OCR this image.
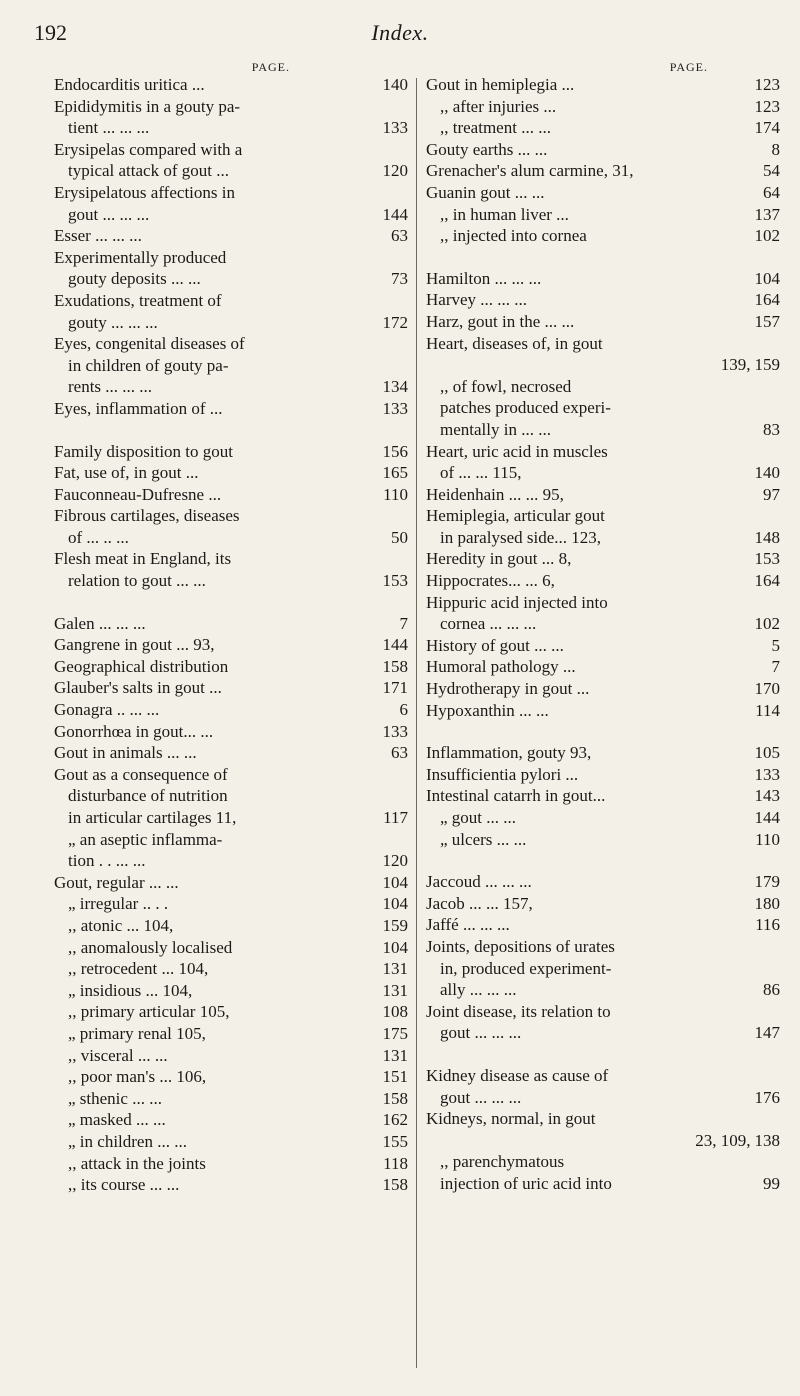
192	Index.
PAGE.
Endocarditis uritica ...	140
Epididymitis in a gouty pa-
tient ... ... ...	133
Erysipelas compared with a
typical attack of gout ...	120
Erysipelatous affections in
gout ... ... ...	144
Esser ... ... ...	63
Experimentally produced
gouty deposits ... ...	73
Exudations, treatment of
gouty ... ... ...	172
Eyes, congenital diseases of
in children of gouty pa-
rents ... ... ...	134
Eyes, inflammation of ...	133
Family disposition to gout	156
Fat, use of, in gout ...	165
Fauconneau-Dufresne ...	110
Fibrous cartilages, diseases
of ... .. ...	50
Flesh meat in England, its
relation to gout ... ...	153
Galen ... ... ...	7
Gangrene in gout ... 93,	144
Geographical distribution	158
Glauber's salts in gout ...	171
Gonagra .. ... ...	6
Gonorrhœa in gout... ...	133
Gout in animals ... ...	63
Gout as a consequence of
disturbance of nutrition
in articular cartilages 11,	117
„ an aseptic inflamma-
tion . . ... ...	120
Gout, regular ... ...	104
„ irregular .. . .	104
,, atonic ... 104,	159
,, anomalously localised	104
,, retrocedent ... 104,	131
„ insidious ... 104,	131
,, primary articular 105,	108
„ primary renal 105,	175
,, visceral ... ...	131
,, poor man's ... 106,	151
„ sthenic ... ...	158
„ masked ... ...	162
„ in children ... ...	155
,, attack in the joints	118
,, its course ... ...	158
PAGE.
Gout in hemiplegia ...	123
,, after injuries ...	123
,, treatment ... ...	174
Gouty earths ... ...	8
Grenacher's alum carmine, 31,	54
Guanin gout ... ...	64
,, in human liver ...	137
,, injected into cornea	102
Hamilton ... ... ...	104
Harvey ... ... ...	164
Harz, gout in the ... ...	157
Heart, diseases of, in gout
139, 159
,, of fowl, necrosed
patches produced experi-
mentally in ... ...	83
Heart, uric acid in muscles
of ... ... 115,	140
Heidenhain ... ... 95,	97
Hemiplegia, articular gout
in paralysed side... 123,	148
Heredity in gout ... 8,	153
Hippocrates... ... 6,	164
Hippuric acid injected into
cornea ... ... ...	102
History of gout ... ...	5
Humoral pathology ...	7
Hydrotherapy in gout ...	170
Hypoxanthin ... ...	114
Inflammation, gouty 93,	105
Insufficientia pylori ...	133
Intestinal catarrh in gout...	143
„ gout ... ...	144
„ ulcers ... ...	110
Jaccoud ... ... ...	179
Jacob ... ... 157,	180
Jaffé ... ... ...	116
Joints, depositions of urates
in, produced experiment-
ally ... ... ...	86
Joint disease, its relation to
gout ... ... ...	147
Kidney disease as cause of
gout ... ... ...	176
Kidneys, normal, in gout
23, 109, 138
,, parenchymatous
injection of uric acid into	99
